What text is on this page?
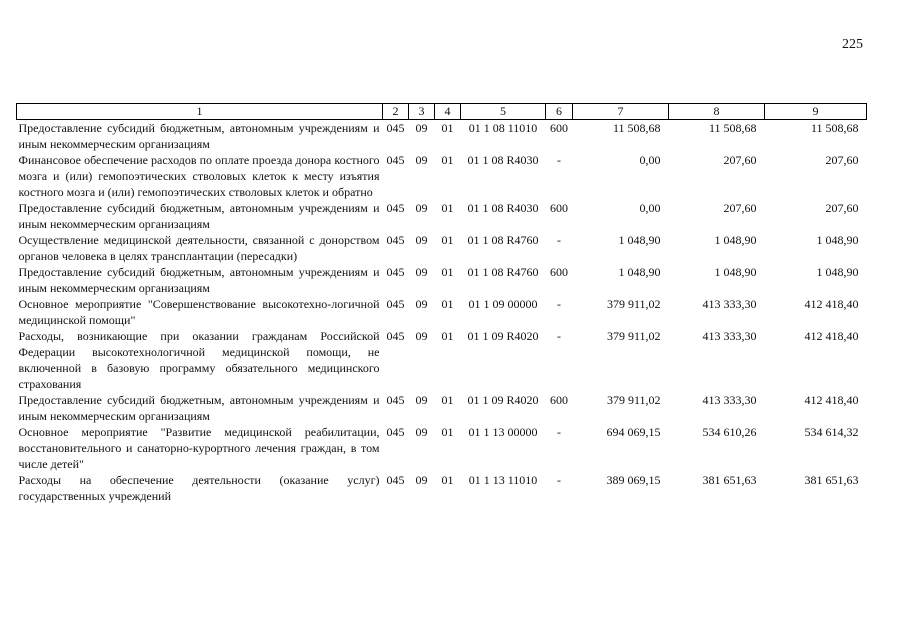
225
1	2	3	4	5	6	7	8	9
Предоставление субсидий бюджетным, автономным учреждениям и иным некоммерческим организациям	045	09	01	01 1 08 11010	600	11 508,68	11 508,68	11 508,68
Финансовое обеспечение расходов по оплате проезда донора костного мозга и (или) гемопоэтических стволовых клеток к месту изъятия костного мозга и (или) гемопоэтических стволовых клеток и обратно	045	09	01	01 1 08 R4030	-	0,00	207,60	207,60
Предоставление субсидий бюджетным, автономным учреждениям и иным некоммерческим организациям	045	09	01	01 1 08 R4030	600	0,00	207,60	207,60
Осуществление медицинской деятельности, связанной с донорством органов человека в целях трансплантации (пересадки)	045	09	01	01 1 08 R4760	-	1 048,90	1 048,90	1 048,90
Предоставление субсидий бюджетным, автономным учреждениям и иным некоммерческим организациям	045	09	01	01 1 08 R4760	600	1 048,90	1 048,90	1 048,90
Основное мероприятие "Совершенствование высокотехно-логичной медицинской помощи"	045	09	01	01 1 09 00000	-	379 911,02	413 333,30	412 418,40
Расходы, возникающие при оказании гражданам Российской Федерации высокотехнологичной медицинской помощи, не включенной в базовую программу обязательного медицинского страхования	045	09	01	01 1 09 R4020	-	379 911,02	413 333,30	412 418,40
Предоставление субсидий бюджетным, автономным учреждениям и иным некоммерческим организациям	045	09	01	01 1 09 R4020	600	379 911,02	413 333,30	412 418,40
Основное мероприятие "Развитие медицинской реабилитации, восстановительного и санаторно-курортного лечения граждан, в том числе детей"	045	09	01	01 1 13 00000	-	694 069,15	534 610,26	534 614,32
Расходы на обеспечение деятельности (оказание услуг) государственных учреждений	045	09	01	01 1 13 11010	-	389 069,15	381 651,63	381 651,63
